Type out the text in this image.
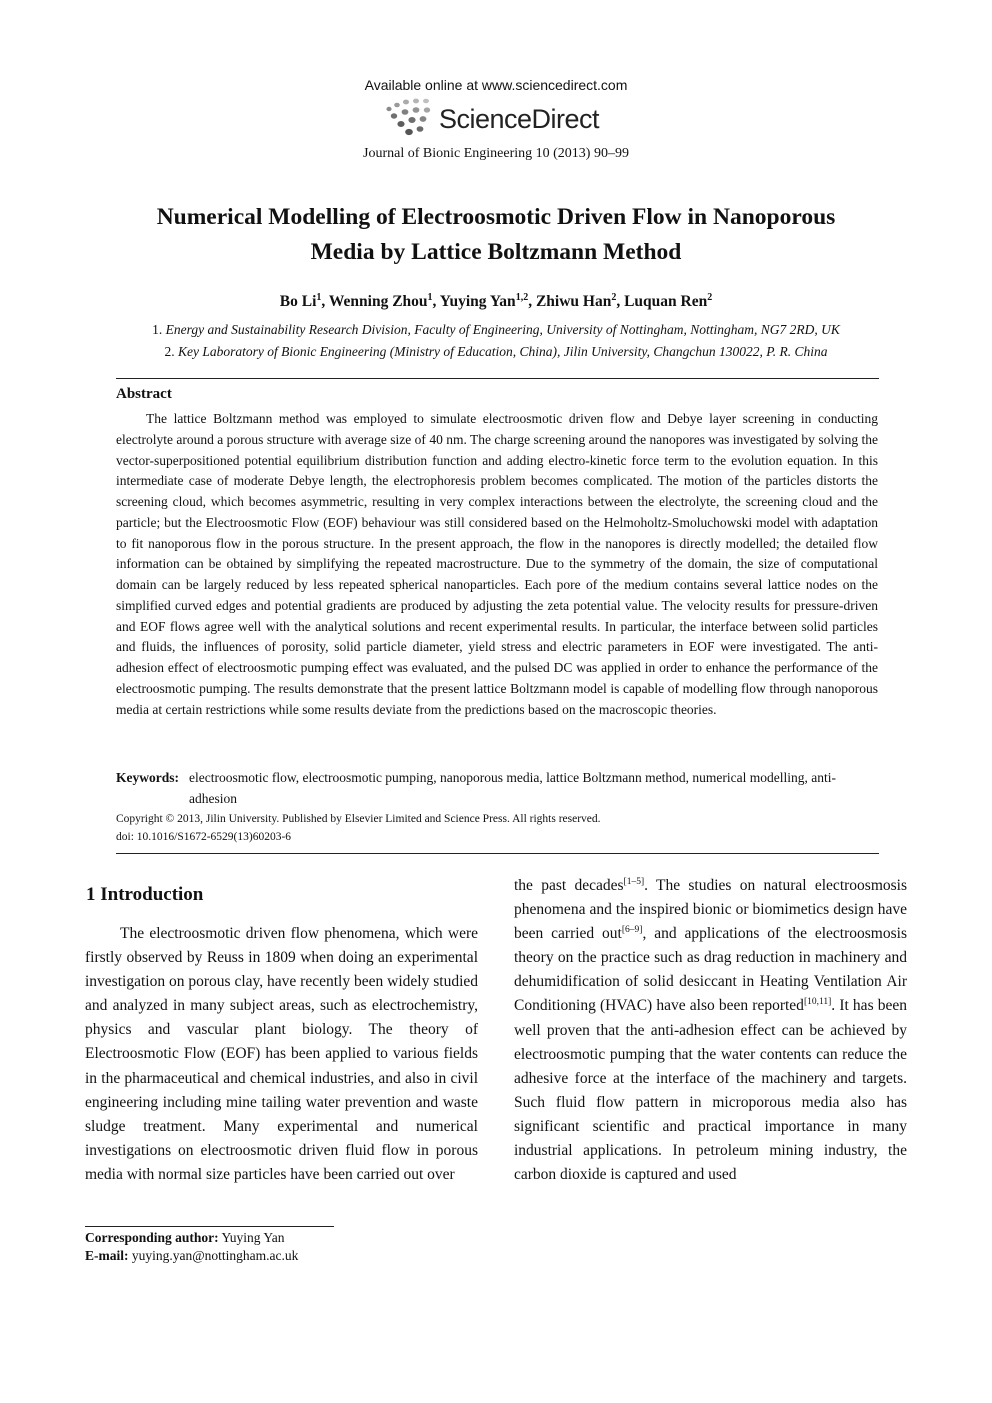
Available online at www.sciencedirect.com
ScienceDirect
Journal of Bionic Engineering 10 (2013) 90–99
Numerical Modelling of Electroosmotic Driven Flow in Nanoporous
Media by Lattice Boltzmann Method
Bo Li$^1$, Wenning Zhou$^1$, Yuying Yan$^{1,2}$, Zhiwu Han$^2$, Luquan Ren$^2$
1. Energy and Sustainability Research Division, Faculty of Engineering, University of Nottingham, Nottingham, NG7 2RD, UK
2. Key Laboratory of Bionic Engineering (Ministry of Education, China), Jilin University, Changchun 130022, P. R. China
Abstract

The lattice Boltzmann method was employed to simulate electroosmotic driven flow and Debye layer screening in conducting electrolyte around a porous structure with average size of 40 nm. The charge screening around the nanopores was investigated by solving the vector-superpositioned potential equilibrium distribution function and adding electro-kinetic force term to the evolution equation. In this intermediate case of moderate Debye length, the electrophoresis problem becomes complicated. The motion of the particles distorts the screening cloud, which becomes asymmetric, resulting in very complex interactions between the electrolyte, the screening cloud and the particle; but the Electroosmotic Flow (EOF) behaviour was still considered based on the Helmoholtz-Smoluchowski model with adaptation to fit nanoporous flow in the porous structure. In the present approach, the flow in the nanopores is directly modelled; the detailed flow information can be obtained by simplifying the repeated macrostructure. Due to the symmetry of the domain, the size of computational domain can be largely reduced by less repeated spherical nanoparticles. Each pore of the medium contains several lattice nodes on the simplified curved edges and potential gradients are produced by adjusting the zeta potential value. The velocity results for pressure-driven and EOF flows agree well with the analytical solutions and recent experimental results. In particular, the interface between solid particles and fluids, the influences of porosity, solid particle diameter, yield stress and electric parameters in EOF were investigated. The anti-adhesion effect of electroosmotic pumping effect was evaluated, and the pulsed DC was applied in order to enhance the performance of the electroosmotic pumping. The results demonstrate that the present lattice Boltzmann model is capable of modelling flow through nanoporous media at certain restrictions while some results deviate from the predictions based on the macroscopic theories.

Keywords: electroosmotic flow, electroosmotic pumping, nanoporous media, lattice Boltzmann method, numerical modelling, anti-adhesion
Copyright © 2013, Jilin University. Published by Elsevier Limited and Science Press. All rights reserved.
doi: 10.1016/S1672-6529(13)60203-6
1 Introduction

The electroosmotic driven flow phenomena, which were firstly observed by Reuss in 1809 when doing an experimental investigation on porous clay, have recently been widely studied and analyzed in many subject areas, such as electrochemistry, physics and vascular plant biology. The theory of Electroosmotic Flow (EOF) has been applied to various fields in the pharmaceutical and chemical industries, and also in civil engineering including mine tailing water prevention and waste sludge treatment. Many experimental and numerical investigations on electroosmotic driven fluid flow in porous media with normal size particles have been carried out over

the past decades[1–5]. The studies on natural electroosmosis phenomena and the inspired bionic or biomimetics design have been carried out[6–9], and applications of the electroosmosis theory on the practice such as drag reduction in machinery and dehumidification of solid desiccant in Heating Ventilation Air Conditioning (HVAC) have also been reported[10,11]. It has been well proven that the anti-adhesion effect can be achieved by electroosmotic pumping that the water contents can reduce the adhesive force at the interface of the machinery and targets. Such fluid flow pattern in microporous media also has significant scientific and practical importance in many industrial applications. In petroleum mining industry, the carbon dioxide is captured and used

Corresponding author: Yuying Yan
E-mail: yuying.yan@nottingham.ac.uk
